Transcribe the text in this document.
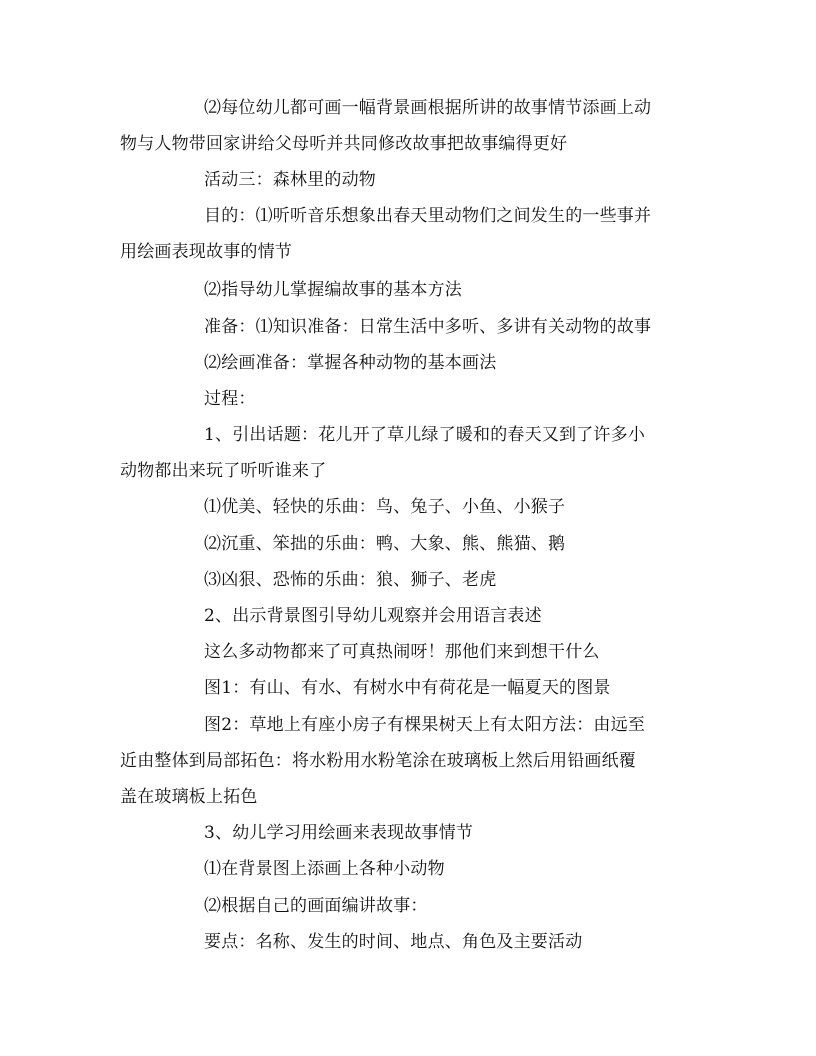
⑵每位幼儿都可画一幅背景画根据所讲的故事情节添画上动
物与人物带回家讲给父母听并共同修改故事把故事编得更好
活动三：森林里的动物
目的：⑴听听音乐想象出春天里动物们之间发生的一些事并
用绘画表现故事的情节
⑵指导幼儿掌握编故事的基本方法
准备：⑴知识准备：日常生活中多听、多讲有关动物的故事
⑵绘画准备：掌握各种动物的基本画法
过程：
1、引出话题：花儿开了草儿绿了暖和的春天又到了许多小
动物都出来玩了听听谁来了
⑴优美、轻快的乐曲：鸟、兔子、小鱼、小猴子
⑵沉重、笨拙的乐曲：鸭、大象、熊、熊猫、鹅
⑶凶狠、恐怖的乐曲：狼、狮子、老虎
2、出示背景图引导幼儿观察并会用语言表述
这么多动物都来了可真热闹呀！那他们来到想干什么
图1：有山、有水、有树水中有荷花是一幅夏天的图景
图2：草地上有座小房子有棵果树天上有太阳方法：由远至
近由整体到局部拓色：将水粉用水粉笔涂在玻璃板上然后用铅画纸覆
盖在玻璃板上拓色
3、幼儿学习用绘画来表现故事情节
⑴在背景图上添画上各种小动物
⑵根据自己的画面编讲故事：
要点：名称、发生的时间、地点、角色及主要活动
